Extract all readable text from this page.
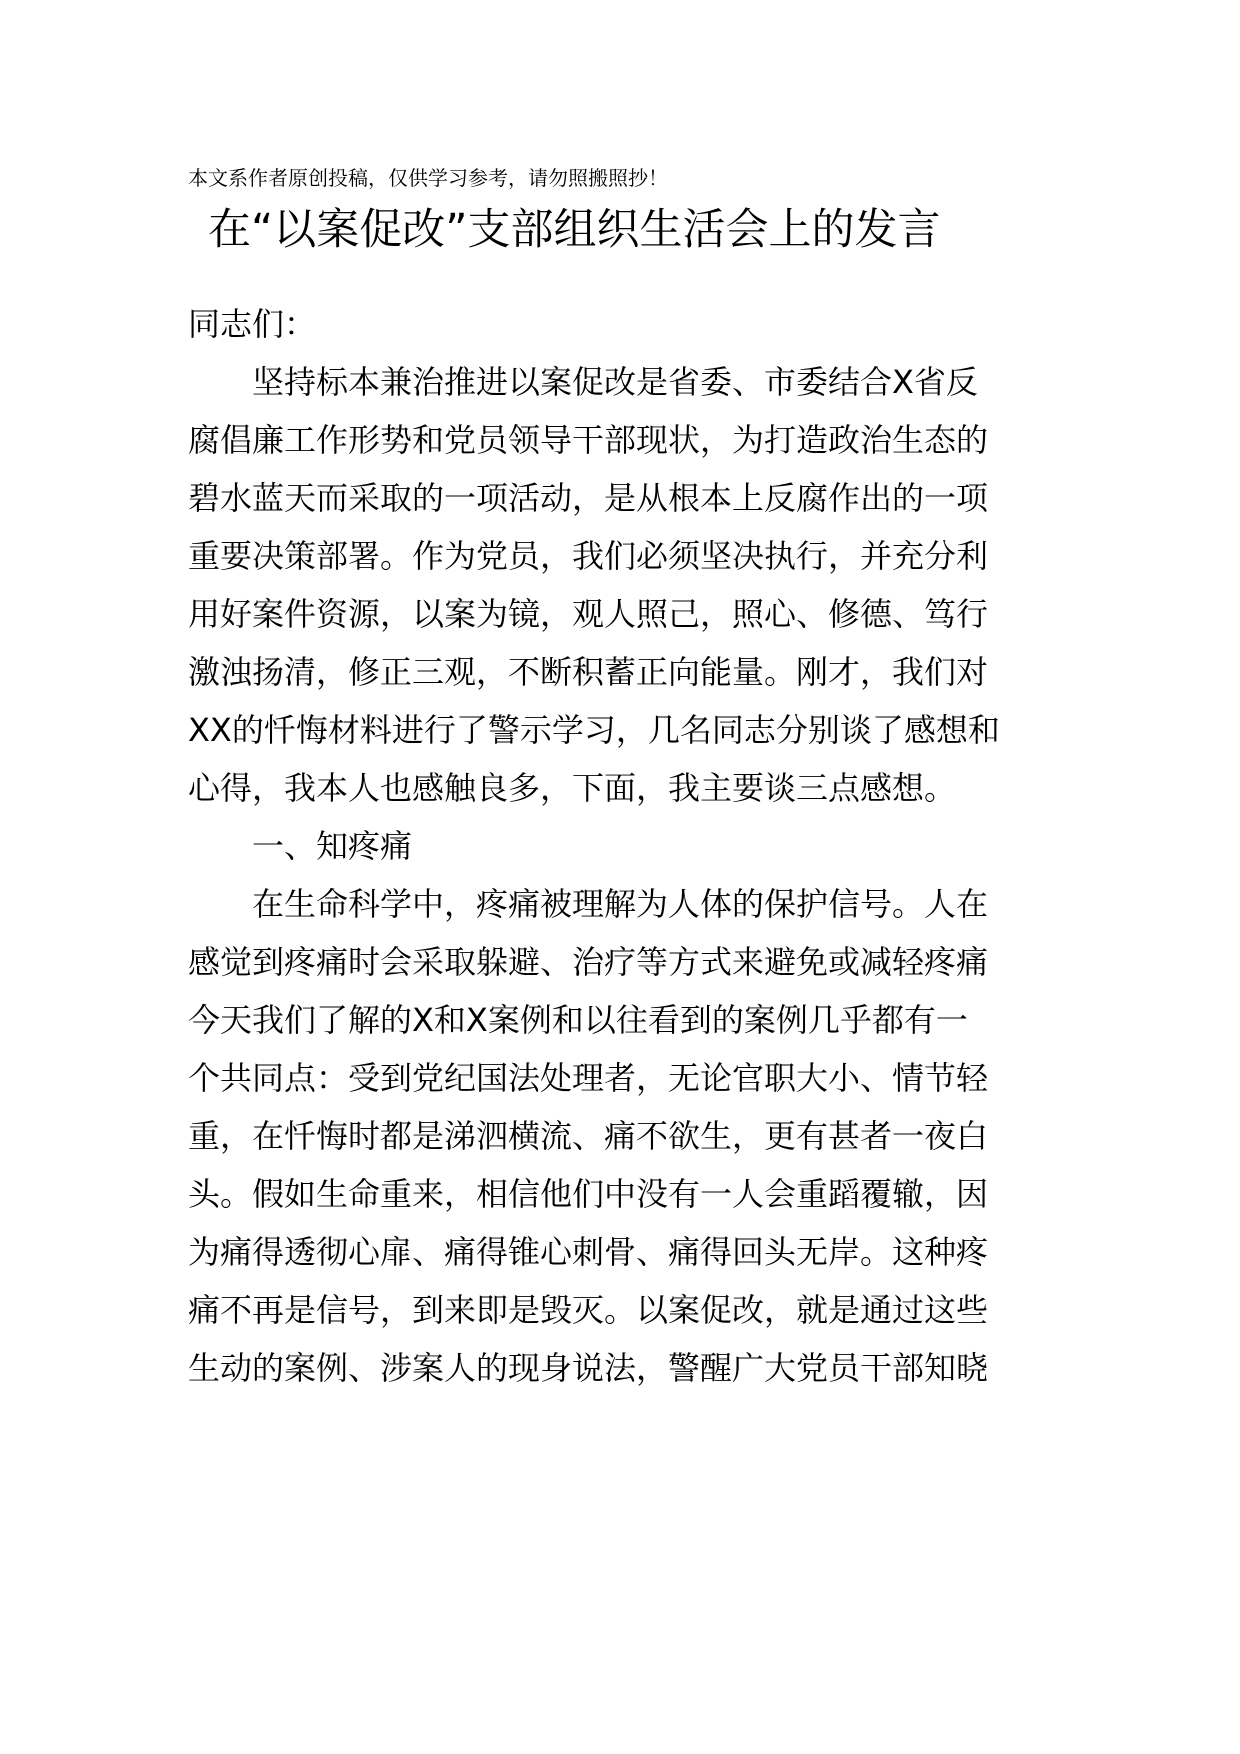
本文系作者原创投稿，仅供学习参考，请勿照搬照抄！
在“以案促改”支部组织生活会上的发言
同志们：
坚持标本兼治推进以案促改是省委、市委结合X省反
腐倡廉工作形势和党员领导干部现状，为打造政治生态的
碧水蓝天而采取的一项活动，是从根本上反腐作出的一项
重要决策部署。作为党员，我们必须坚决执行，并充分利
用好案件资源，以案为镜，观人照己，照心、修德、笃行
激浊扬清，修正三观，不断积蓄正向能量。刚才，我们对
XX的忏悔材料进行了警示学习，几名同志分别谈了感想和
心得，我本人也感触良多，下面，我主要谈三点感想。
一、知疼痛
在生命科学中，疼痛被理解为人体的保护信号。人在
感觉到疼痛时会采取躲避、治疗等方式来避免或减轻疼痛
今天我们了解的X和X案例和以往看到的案例几乎都有一
个共同点：受到党纪国法处理者，无论官职大小、情节轻
重，在忏悔时都是涕泗横流、痛不欲生，更有甚者一夜白
头。假如生命重来，相信他们中没有一人会重蹈覆辙，因
为痛得透彻心扉、痛得锥心刺骨、痛得回头无岸。这种疼
痛不再是信号，到来即是毁灭。以案促改，就是通过这些
生动的案例、涉案人的现身说法，警醒广大党员干部知晓
